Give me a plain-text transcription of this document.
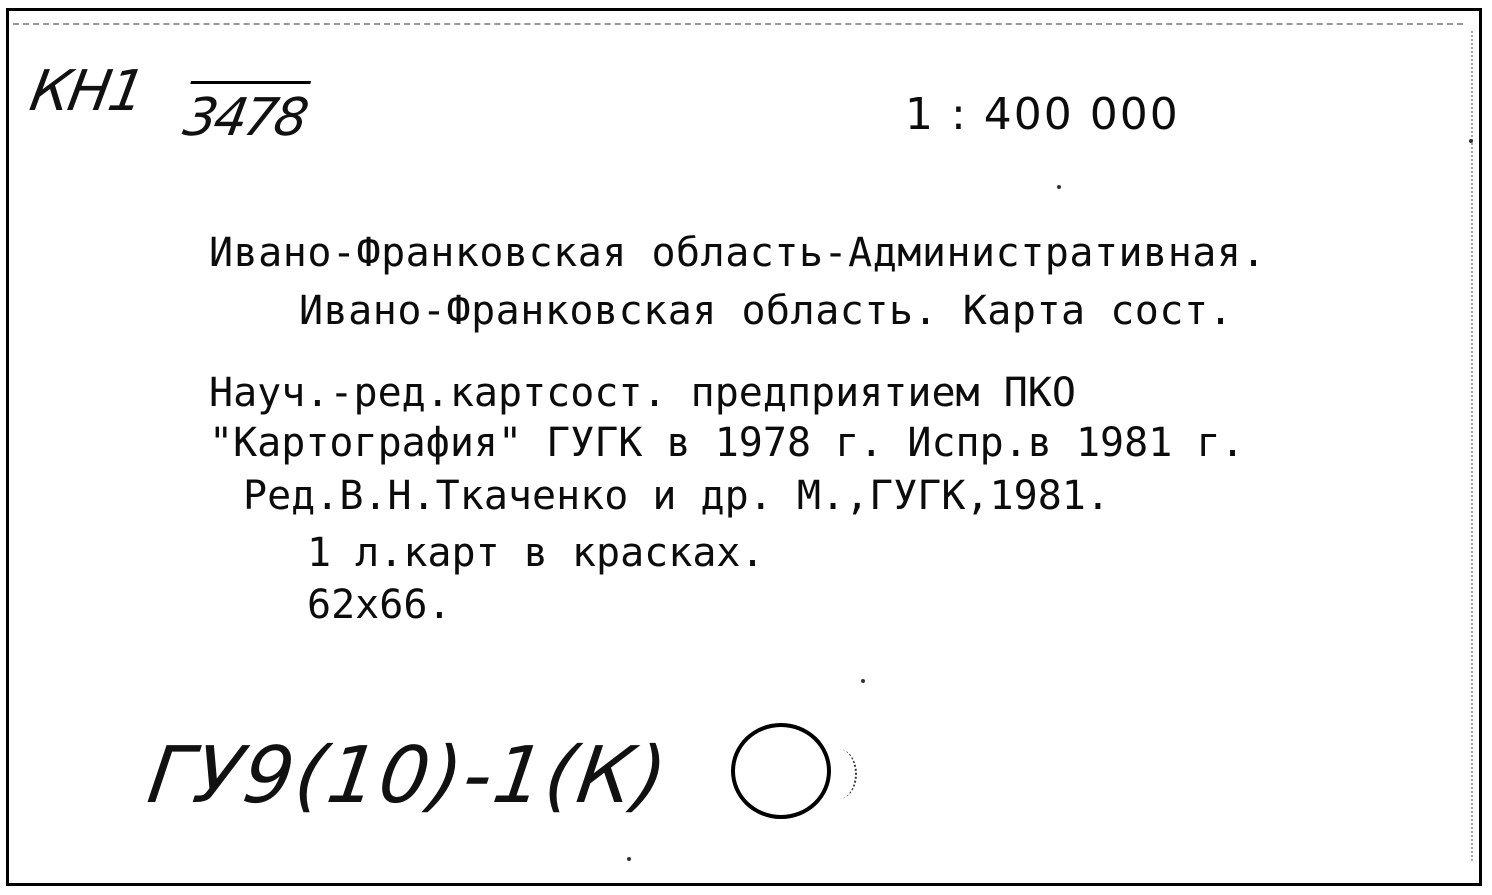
КН1 3478	1 : 400 000
Ивано-Франковская область-Административная.
Ивано-Франковская область. Карта сост.
Науч.-ред.картсост. предприятием ПКО
"Картография" ГУГК в 1978 г. Испр.в 1981 г.
Ред.В.Н.Ткаченко и др. М.,ГУГК,1981.
1 л.карт в красках.
62x66.
ГУ9(10)-1(К)
